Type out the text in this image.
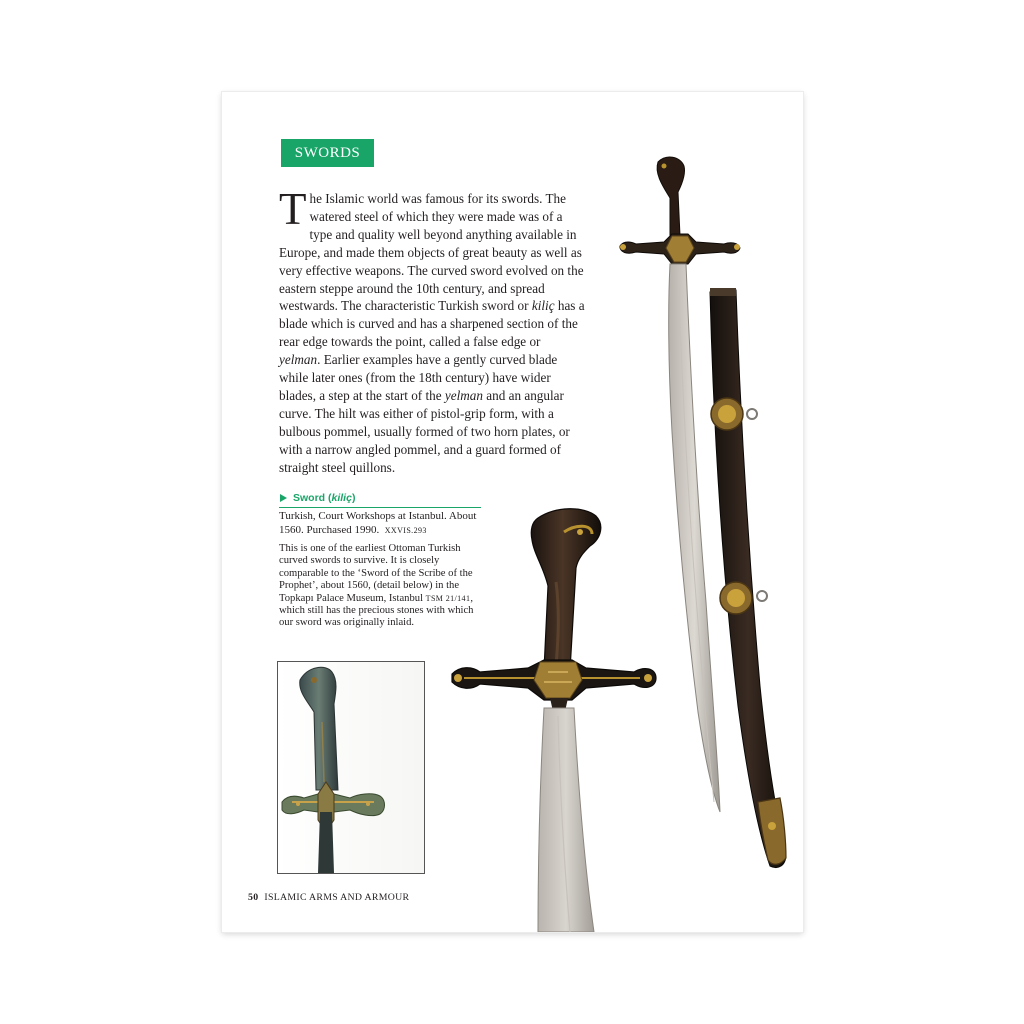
SWORDS

The Islamic world was famous for its swords. The watered steel of which they were made was of a type and quality well beyond anything available in Europe, and made them objects of great beauty as well as very effective weapons. The curved sword evolved on the eastern steppe around the 10th century, and spread westwards. The characteristic Turkish sword or kiliç has a blade which is curved and has a sharpened section of the rear edge towards the point, called a false edge or yelman. Earlier examples have a gently curved blade while later ones (from the 18th century) have wider blades, a step at the start of the yelman and an angular curve. The hilt was either of pistol-grip form, with a bulbous pommel, usually formed of two horn plates, or with a narrow angled pommel, and a guard formed of straight steel quillons.

Sword ( kiliç )
Turkish, Court Workshops at Istanbul. About 1560. Purchased 1990. XXVIS.293
This is one of the earliest Ottoman Turkish curved swords to survive. It is closely comparable to the ‘Sword of the Scribe of the Prophet’, about 1560, (detail below) in the Topkapı Palace Museum, Istanbul TSM 21/141, which still has the precious stones with which our sword was originally inlaid.
50 ISLAMIC ARMS AND ARMOUR
